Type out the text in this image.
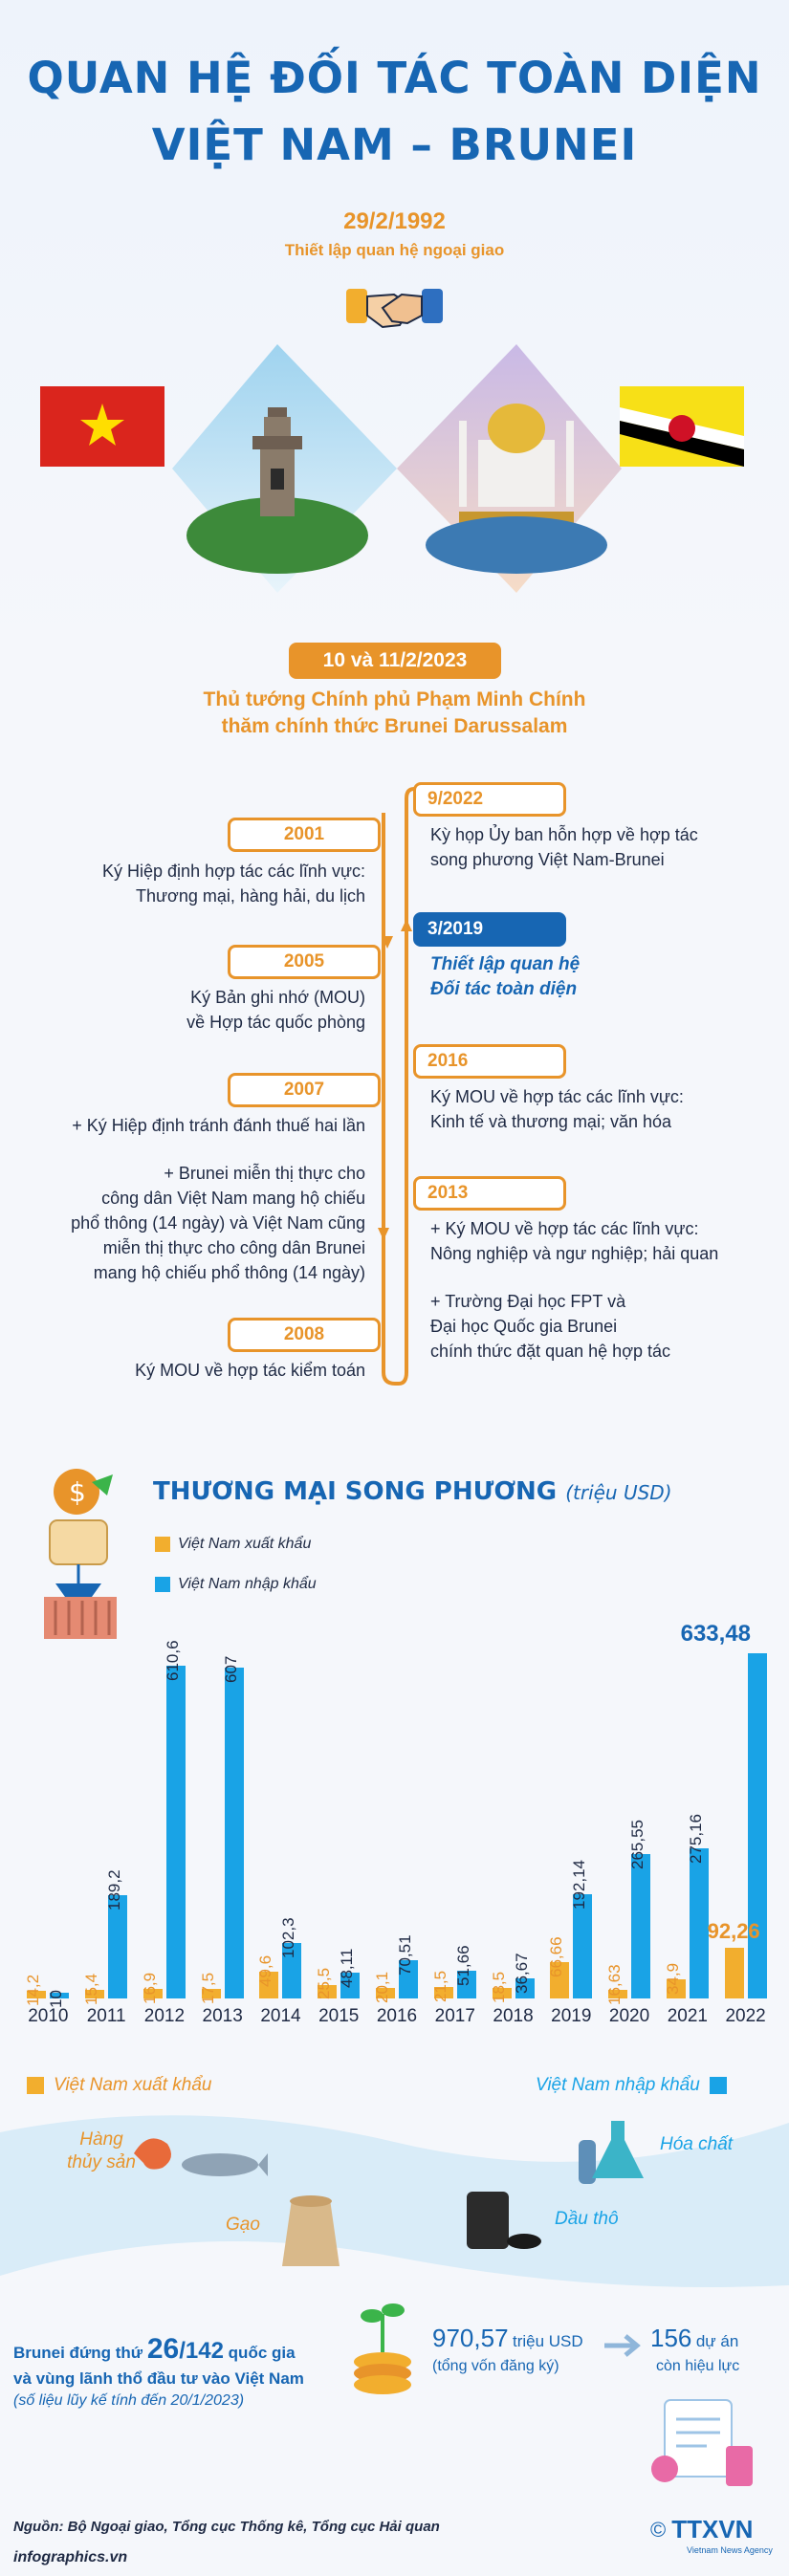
QUAN HỆ ĐỐI TÁC TOÀN DIỆN
VIỆT NAM – BRUNEI
29/2/1992
Thiết lập quan hệ ngoại giao
10 và 11/2/2023
Thủ tướng Chính phủ Phạm Minh Chính
thăm chính thức Brunei Darussalam
2001
Ký Hiệp định hợp tác các lĩnh vực:
Thương mại, hàng hải, du lịch
2005
Ký Bản ghi nhớ (MOU)
về Hợp tác quốc phòng
2007
+ Ký Hiệp định tránh đánh thuế hai lần
+ Brunei miễn thị thực cho
công dân Việt Nam mang hộ chiếu
phổ thông (14 ngày) và Việt Nam cũng
miễn thị thực cho công dân Brunei
mang hộ chiếu phổ thông (14 ngày)
2008
Ký MOU về hợp tác kiểm toán
9/2022
Kỳ họp Ủy ban hỗn hợp về hợp tác
song phương Việt Nam-Brunei
3/2019
Thiết lập quan hệ
Đối tác toàn diện
2016
Ký MOU về hợp tác các lĩnh vực:
Kinh tế và thương mại; văn hóa
2013
+ Ký MOU về hợp tác các lĩnh vực:
Nông nghiệp và ngư nghiệp; hải quan
+ Trường Đại học FPT và
Đại học Quốc gia Brunei
chính thức đặt quan hệ hợp tác
$	THƯƠNG MẠI SONG PHƯƠNG (triệu USD)
Việt Nam xuất khẩu
Việt Nam nhập khẩu
14,2 10 15,4
189,2
16,9
610,6
17,5
607
49,6
102,3
25,5 48,11 20,1
70,51
21,5
51,66
18,5 36,67 66,66
192,14
16,63
265,55
34,9
275,16
92,26
633,48
2010	2011	2012 2013 2014 2015 2016 2017 2018 2019 2020 2021 2022
Việt Nam xuất khẩu	Việt Nam nhập khẩu
Hàng thủy sản
Gạo
Hóa chất
Dầu thô
Brunei đứng thứ 26/142 quốc gia
và vùng lãnh thổ đầu tư vào Việt Nam
(số liệu lũy kế tính đến 20/1/2023)
970,57 triệu USD
(tổng vốn đăng ký)
156 dự án
còn hiệu lực
Nguồn: Bộ Ngoại giao, Tổng cục Thống kê, Tổng cục Hải quan
infographics.vn
© TTXVN
Vietnam News Agency
